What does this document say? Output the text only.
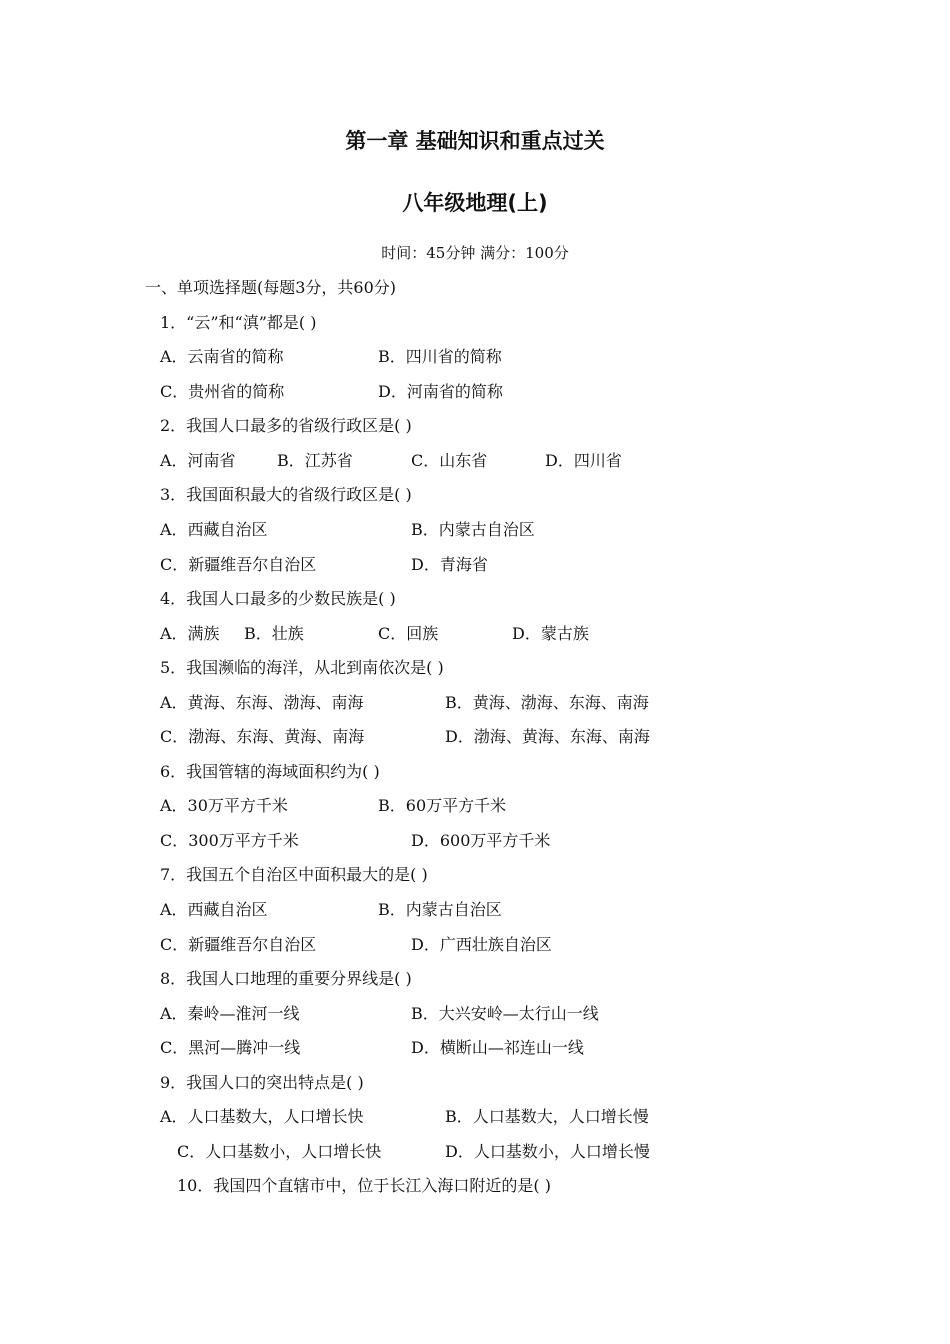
第一章 基础知识和重点过关
八年级地理(上)
时间：45分钟 满分：100分
一、单项选择题(每题3分，共60分)
1．“云”和“滇”都是( )
A．云南省的简称	B．四川省的简称
C．贵州省的简称	D．河南省的简称
2．我国人口最多的省级行政区是( )
A．河南省	B．江苏省	C．山东省	D．四川省
3．我国面积最大的省级行政区是( )
A．西藏自治区	B．内蒙古自治区
C．新疆维吾尔自治区	D．青海省
4．我国人口最多的少数民族是( )
A．满族 B．壮族	C．回族	D．蒙古族
5．我国濒临的海洋，从北到南依次是( )
A．黄海、东海、渤海、南海	B．黄海、渤海、东海、南海
C．渤海、东海、黄海、南海	D．渤海、黄海、东海、南海
6．我国管辖的海域面积约为( )
A．30万平方千米	B．60万平方千米
C．300万平方千米	D．600万平方千米
7．我国五个自治区中面积最大的是( )
A．西藏自治区	B．内蒙古自治区
C．新疆维吾尔自治区	D．广西壮族自治区
8．我国人口地理的重要分界线是( )
A．秦岭—淮河一线	B．大兴安岭—太行山一线
C．黑河—腾冲一线	D．横断山—祁连山一线
9．我国人口的突出特点是( )
A．人口基数大，人口增长快	B．人口基数大，人口增长慢
C．人口基数小，人口增长快	D．人口基数小，人口增长慢
10．我国四个直辖市中，位于长江入海口附近的是( )
